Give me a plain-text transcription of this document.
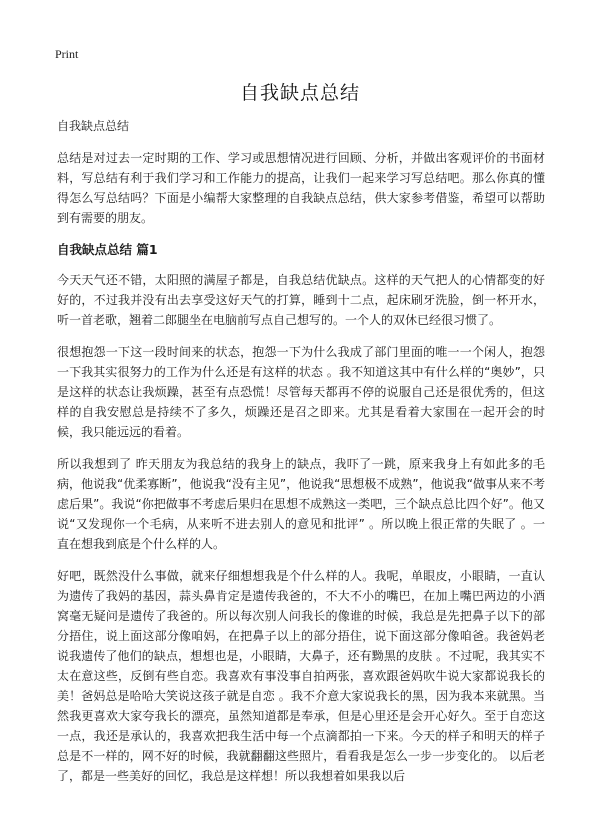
Print
自我缺点总结
自我缺点总结
总结是对过去一定时期的工作、学习或思想情况进行回顾、分析，并做出客观评价的书面材料，写总结有利于我们学习和工作能力的提高，让我们一起来学习写总结吧。那么你真的懂得怎么写总结吗？下面是小编帮大家整理的自我缺点总结，供大家参考借鉴，希望可以帮助到有需要的朋友。
自我缺点总结 篇1
今天天气还不错，太阳照的满屋子都是，自我总结优缺点。这样的天气把人的心情都变的好好的，不过我并没有出去享受这好天气的打算，睡到十二点，起床刷牙洗脸，倒一杯开水，听一首老歌，翘着二郎腿坐在电脑前写点自己想写的。一个人的双休已经很习惯了。
很想抱怨一下这一段时间来的状态，抱怨一下为什么我成了部门里面的唯一一个闲人，抱怨一下我其实很努力的工作为什么还是有这样的状态 。我不知道这其中有什么样的“奥妙”，只是这样的状态让我烦躁，甚至有点恐慌！尽管每天都再不停的说服自己还是很优秀的，但这样的自我安慰总是持续不了多久，烦躁还是召之即来。尤其是看着大家围在一起开会的时候，我只能远远的看着。
所以我想到了 昨天朋友为我总结的我身上的缺点，我吓了一跳，原来我身上有如此多的毛病，他说我“优柔寡断”，他说我“没有主见”，他说我“思想极不成熟”，他说我“做事从来不考虑后果”。我说“你把做事不考虑后果归在思想不成熟这一类吧，三个缺点总比四个好”。他又说“又发现你一个毛病，从来听不进去别人的意见和批评” 。所以晚上很正常的失眠了 。一直在想我到底是个什么样的人。
好吧，既然没什么事做，就来仔细想想我是个什么样的人。我呢，单眼皮，小眼睛，一直认为遗传了我妈的基因，蒜头鼻肯定是遗传我爸的，不大不小的嘴巴，在加上嘴巴两边的小酒窝毫无疑问是遗传了我爸的。所以每次别人问我长的像谁的时候，我总是先把鼻子以下的部分捂住，说上面这部分像咱妈，在把鼻子以上的部分捂住，说下面这部分像咱爸。我爸妈老说我遗传了他们的缺点，想想也是，小眼睛，大鼻子，还有黝黑的皮肤 。不过呢，我其实不太在意这些，反倒有些自恋。我喜欢有事没事自拍两张，喜欢跟爸妈吹牛说大家都说我长的美！爸妈总是哈哈大笑说这孩子就是自恋 。我不介意大家说我长的黑，因为我本来就黑。当然我更喜欢大家夸我长的漂亮，虽然知道都是奉承，但是心里还是会开心好久。至于自恋这一点，我还是承认的，我喜欢把我生活中每一个点滴都拍一下来。今天的样子和明天的样子总是不一样的，网不好的时候，我就翻翻这些照片，看看我是怎么一步一步变化的。 以后老了，都是一些美好的回忆，我总是这样想！所以我想着如果我以后
